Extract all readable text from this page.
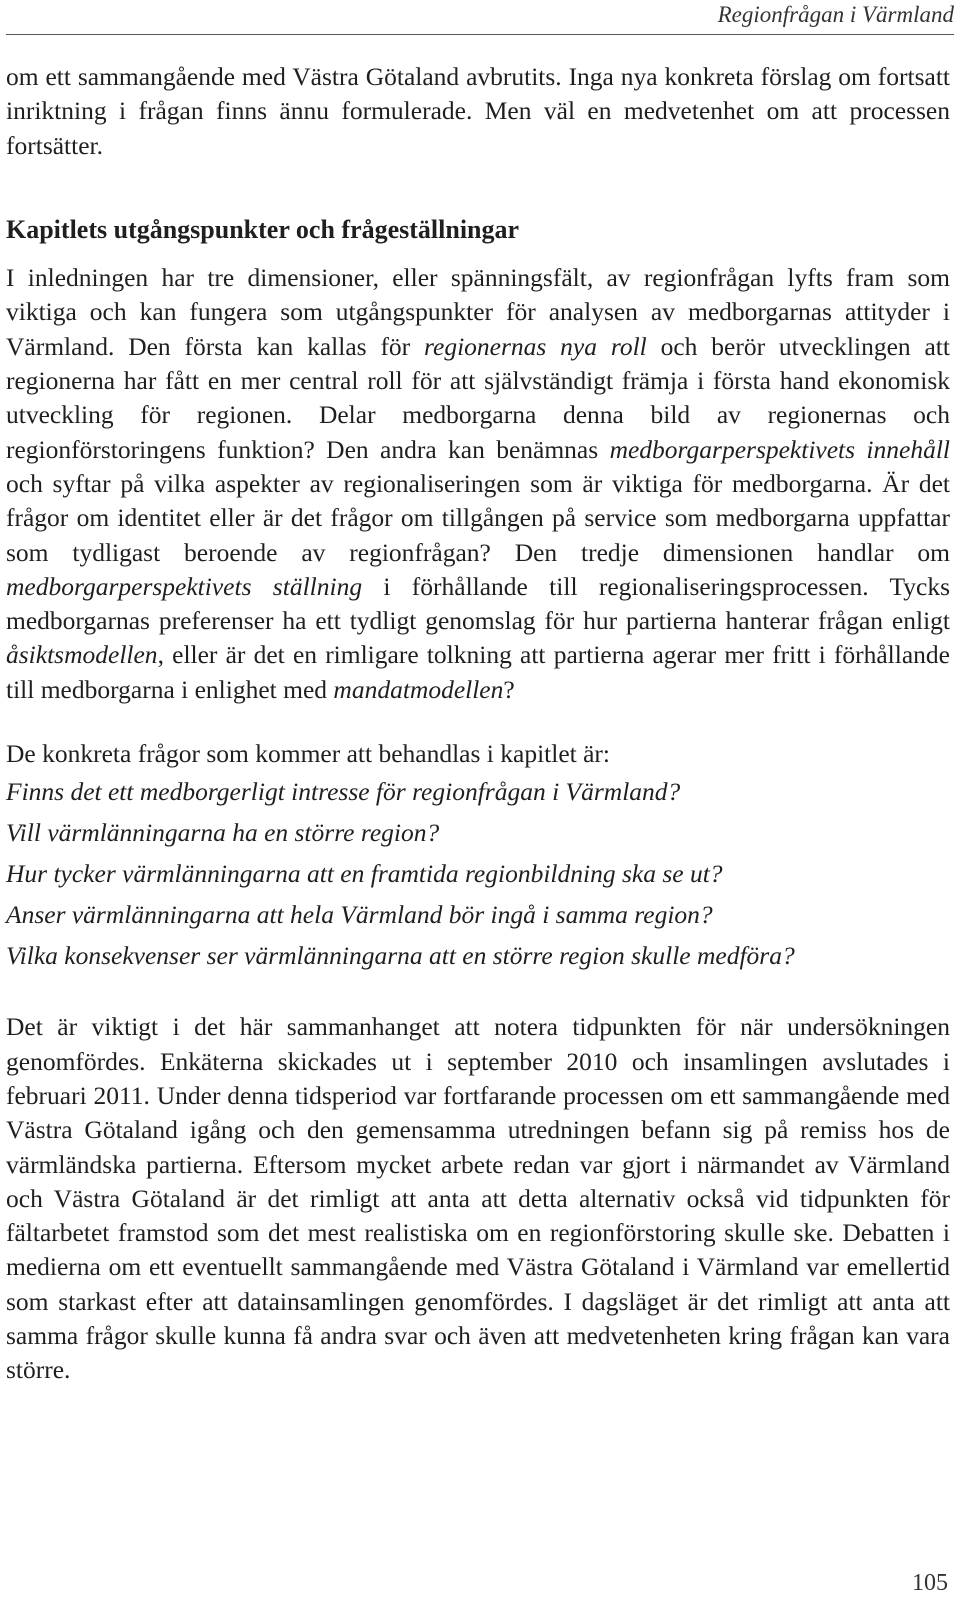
Regionfrågan i Värmland

om ett sammangående med Västra Götaland avbrutits. Inga nya konkreta förslag om fortsatt inriktning i frågan finns ännu formulerade. Men väl en medvetenhet om att processen fortsätter.

Kapitlets utgångspunkter och frågeställningar

I inledningen har tre dimensioner, eller spänningsfält, av regionfrågan lyfts fram som viktiga och kan fungera som utgångspunkter för analysen av medborgarnas attityder i Värmland. Den första kan kallas för regionernas nya roll och berör utvecklingen att regionerna har fått en mer central roll för att självständigt främja i första hand ekonomisk utveckling för regionen. Delar medborgarna denna bild av regionernas och regionförstoringens funktion? Den andra kan benämnas medborgarperspektivets innehåll och syftar på vilka aspekter av regionaliseringen som är viktiga för medborgarna. Är det frågor om identitet eller är det frågor om tillgången på service som medborgarna uppfattar som tydligast beroende av regionfrågan? Den tredje dimensionen handlar om medborgarperspektivets ställning i förhållande till regionaliseringsprocessen. Tycks medborgarnas preferenser ha ett tydligt genomslag för hur partierna hanterar frågan enligt åsiktsmodellen, eller är det en rimligare tolkning att partierna agerar mer fritt i förhållande till medborgarna i enlighet med mandatmodellen?

De konkreta frågor som kommer att behandlas i kapitlet är:

Finns det ett medborgerligt intresse för regionfrågan i Värmland?

Vill värmlänningarna ha en större region?

Hur tycker värmlänningarna att en framtida regionbildning ska se ut?

Anser värmlänningarna att hela Värmland bör ingå i samma region?

Vilka konsekvenser ser värmlänningarna att en större region skulle medföra?

Det är viktigt i det här sammanhanget att notera tidpunkten för när undersökningen genomfördes. Enkäterna skickades ut i september 2010 och insamlingen avslutades i februari 2011. Under denna tidsperiod var fortfarande processen om ett sammangående med Västra Götaland igång och den gemensamma utredningen befann sig på remiss hos de värmländska partierna. Eftersom mycket arbete redan var gjort i närmandet av Värmland och Västra Götaland är det rimligt att anta att detta alternativ också vid tidpunkten för fältarbetet framstod som det mest realistiska om en regionförstoring skulle ske. Debatten i medierna om ett eventuellt sammangående med Västra Götaland i Värmland var emellertid som starkast efter att datainsamlingen genomfördes. I dagsläget är det rimligt att anta att samma frågor skulle kunna få andra svar och även att medvetenheten kring frågan kan vara större.

105
